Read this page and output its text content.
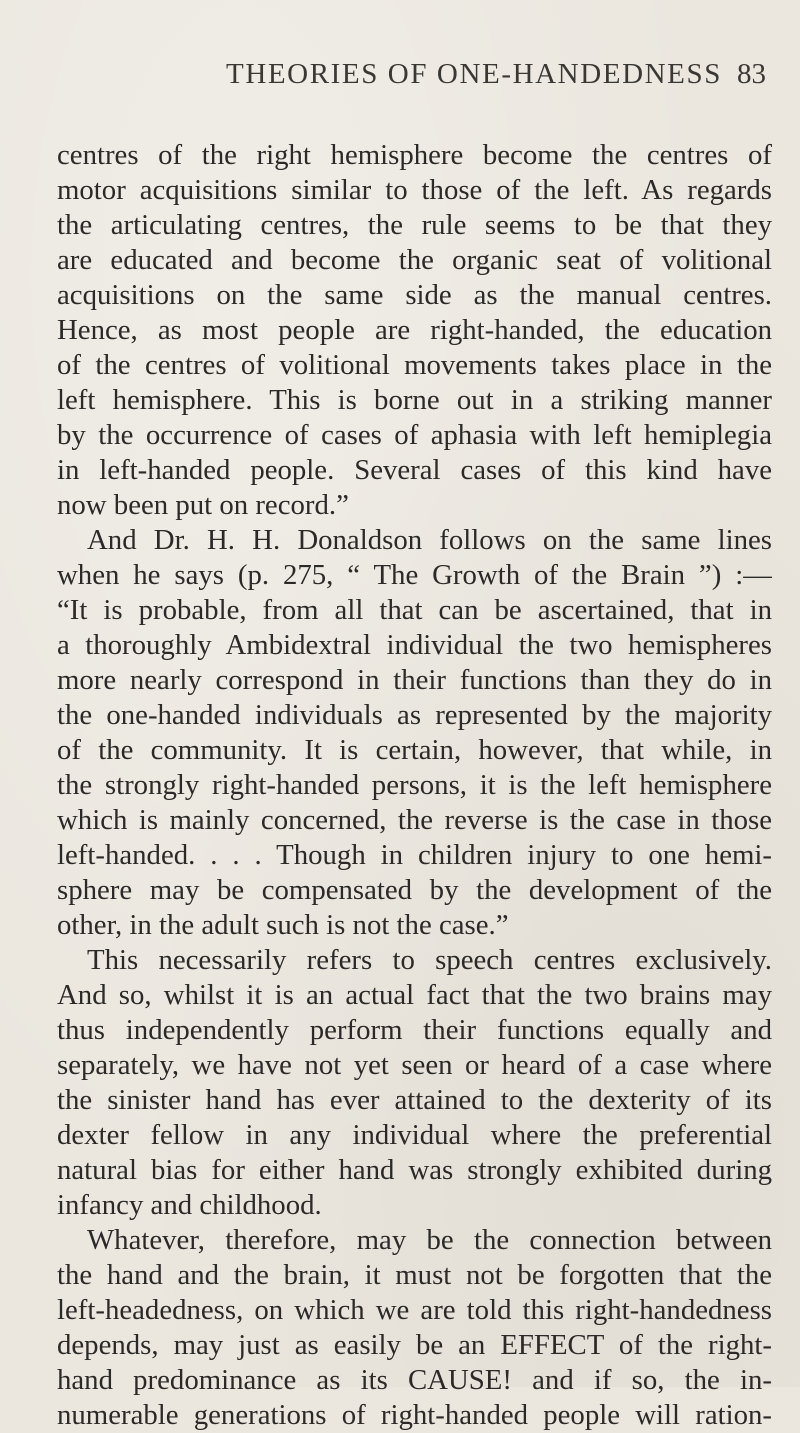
THEORIES OF ONE-HANDEDNESS 83
centres of the right hemisphere become the centres of
motor acquisitions similar to those of the left. As regards
the articulating centres, the rule seems to be that they
are educated and become the organic seat of volitional
acquisitions on the same side as the manual centres.
Hence, as most people are right-handed, the education
of the centres of volitional movements takes place in the
left hemisphere. This is borne out in a striking manner
by the occurrence of cases of aphasia with left hemiplegia
in left-handed people. Several cases of this kind have
now been put on record.”
And Dr. H. H. Donaldson follows on the same lines
when he says (p. 275, “ The Growth of the Brain ”) :—
“It is probable, from all that can be ascertained, that in
a thoroughly Ambidextral individual the two hemispheres
more nearly correspond in their functions than they do in
the one-handed individuals as represented by the majority
of the community. It is certain, however, that while, in
the strongly right-handed persons, it is the left hemisphere
which is mainly concerned, the reverse is the case in those
left-handed. . . . Though in children injury to one hemi-
sphere may be compensated by the development of the
other, in the adult such is not the case.”
This necessarily refers to speech centres exclusively.
And so, whilst it is an actual fact that the two brains may
thus independently perform their functions equally and
separately, we have not yet seen or heard of a case where
the sinister hand has ever attained to the dexterity of its
dexter fellow in any individual where the preferential
natural bias for either hand was strongly exhibited during
infancy and childhood.
Whatever, therefore, may be the connection between
the hand and the brain, it must not be forgotten that the
left-headedness, on which we are told this right-handedness
depends, may just as easily be an EFFECT of the right-
hand predominance as its CAUSE! and if so, the in-
numerable generations of right-handed people will ration-
